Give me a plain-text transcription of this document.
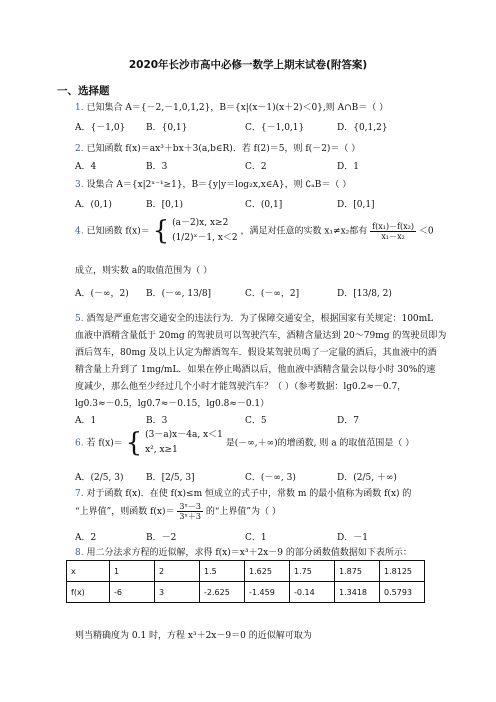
2020年长沙市高中必修一数学上期末试卷(附答案)
一、选择题
1. 已知集合 A＝{－2,－1,0,1,2}，B＝{x|(x－1)(x＋2)＜0},则 A∩B＝（ ）
A．{－1,0} B．{0,1}	C．{－1,0,1}	D．{0,1,2}
2. 已知函数 f(x)＝ax³＋bx＋3(a,b∈R)．若 f(2)＝5，则 f(－2)＝（ ）
A．4	B．3	C．2	D．1
3. 设集合 A＝{x|2ˣ⁻¹≥1}，B＝{y|y＝log₂x,x∈A}，则 ∁ₐB＝（ ）
A．(0,1)	B．[0,1)	C．(0,1]	D．[0,1]
4. 已知函数 f(x)＝ { (a－2)x, x≥2
(1/2)ˣ－1, x＜2
，满足对任意的实数 x₁≠x₂都有 $\frac{\text{f(x₁)－f(x₂)}}{\text{x₁－x₂}} <0$
成立，则实数 a的取值范围为（ ）
A．(－∞，2) B．(－∞, 13/8]	C．(－∞，2]	D．[13/8, 2)
5. 酒驾是严重危害交通安全的违法行为．为了保障交通安全，根据国家有关规定：100mL
血液中酒精含量低于 20mg 的驾驶员可以驾驶汽车，酒精含量达到 20～79mg 的驾驶员即为
酒后驾车，80mg 及以上认定为醉酒驾车．假设某驾驶员喝了一定量的酒后，其血液中的酒
精含量上升到了 1mg/mL．如果在停止喝酒以后，他血液中酒精含量会以每小时 30%的速
度减少，那么他至少经过几个小时才能驾驶汽车？（ ）（参考数据：lg0.2≈－0.7，
lg0.3≈－0.5，lg0.7≈－0.15，lg0.8≈－0.1）
A．1	B．3	C．5	D．7
6. 若 f(x)＝ { (3－a)x－4a, x＜1
x², x≥1
是(－∞,＋∞)的增函数, 则 a 的取值范围是（ ）
A．(2/5, 3)	B．[2/5, 3]	C．(－∞, 3)	D．(2/5, ＋∞)
7. 对于函数 f(x)．在使 f(x)≤m 恒成立的式子中，常数 m 的最小值称为函数 f(x) 的
“上界值”，则函数 $f(x)= \frac{\text{3ˣ－3}}{\text{3ˣ＋3}}$ 的“上界值”为（ ）
A．2	B．－2	C．1	D．－1
8. 用二分法求方程的近似解，求得 f(x)＝x³＋2x－9 的部分函数值数据如下表所示：
x	1	2	1.5	1.625	1.75	1.875	1.8125
f(x)	-6	3	-2.625	-1.459	-0.14	1.3418	0.5793
则当精确度为 0.1 时，方程 x³＋2x－9＝0 的近似解可取为
